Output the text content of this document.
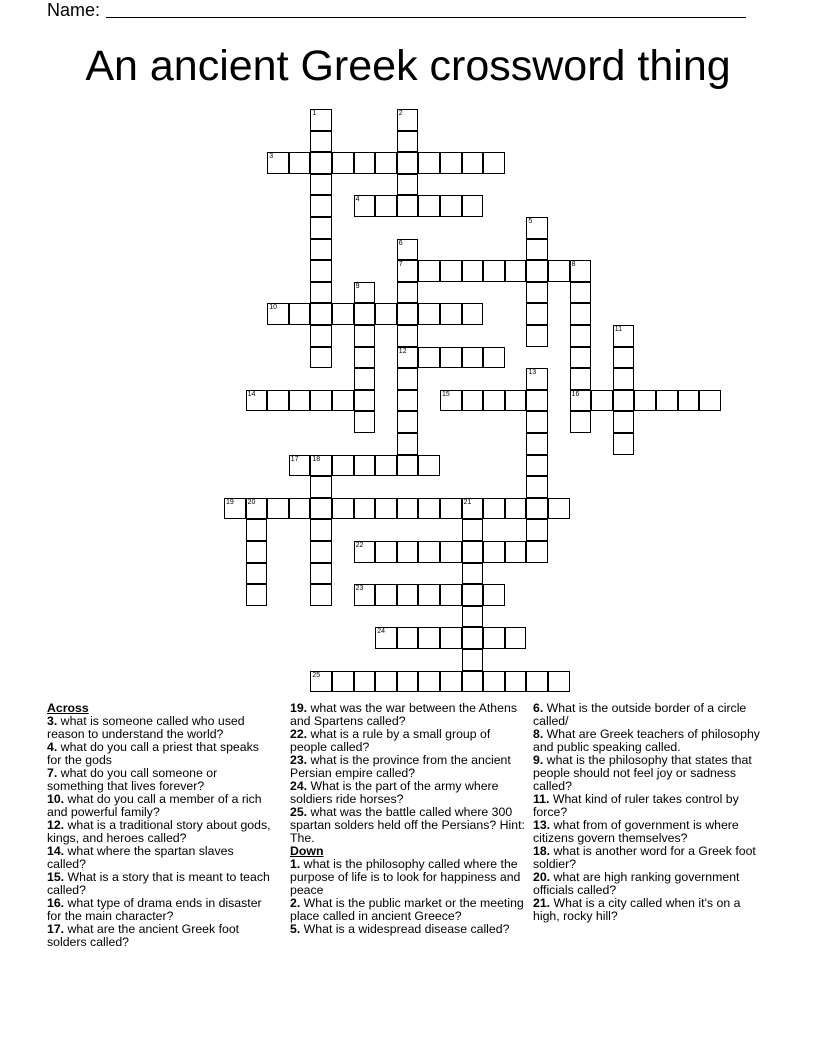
Name:
An ancient Greek crossword thing
3
4
7	8
10
12
14	15	16
17 18
19 20	21
22
23
24
25
1	2
5
6
9
11
13
Across
3. what is someone called who used reason to understand the world?
4. what do you call a priest that speaks for the gods
7. what do you call someone or something that lives forever?
10. what do you call a member of a rich and powerful family?
12. what is a traditional story about gods, kings, and heroes called?
14. what where the spartan slaves called?
15. What is a story that is meant to teach called?
16. what type of drama ends in disaster for the main character?
17. what are the ancient Greek foot solders called?
19. what was the war between the Athens and Spartens called?
22. what is a rule by a small group of people called?
23. what is the province from the ancient Persian empire called?
24. What is the part of the army where soldiers ride horses?
25. what was the battle called where 300 spartan solders held off the Persians? Hint: The.
Down
1. what is the philosophy called where the purpose of life is to look for happiness and peace
2. What is the public market or the meeting place called in ancient Greece?
5. What is a widespread disease called?
6. What is the outside border of a circle called/
8. What are Greek teachers of philosophy and public speaking called.
9. what is the philosophy that states that people should not feel joy or sadness called?
11. What kind of ruler takes control by force?
13. what from of government is where citizens govern themselves?
18. what is another word for a Greek foot soldier?
20. what are high ranking government officials called?
21. What is a city called when it's on a high, rocky hill?
